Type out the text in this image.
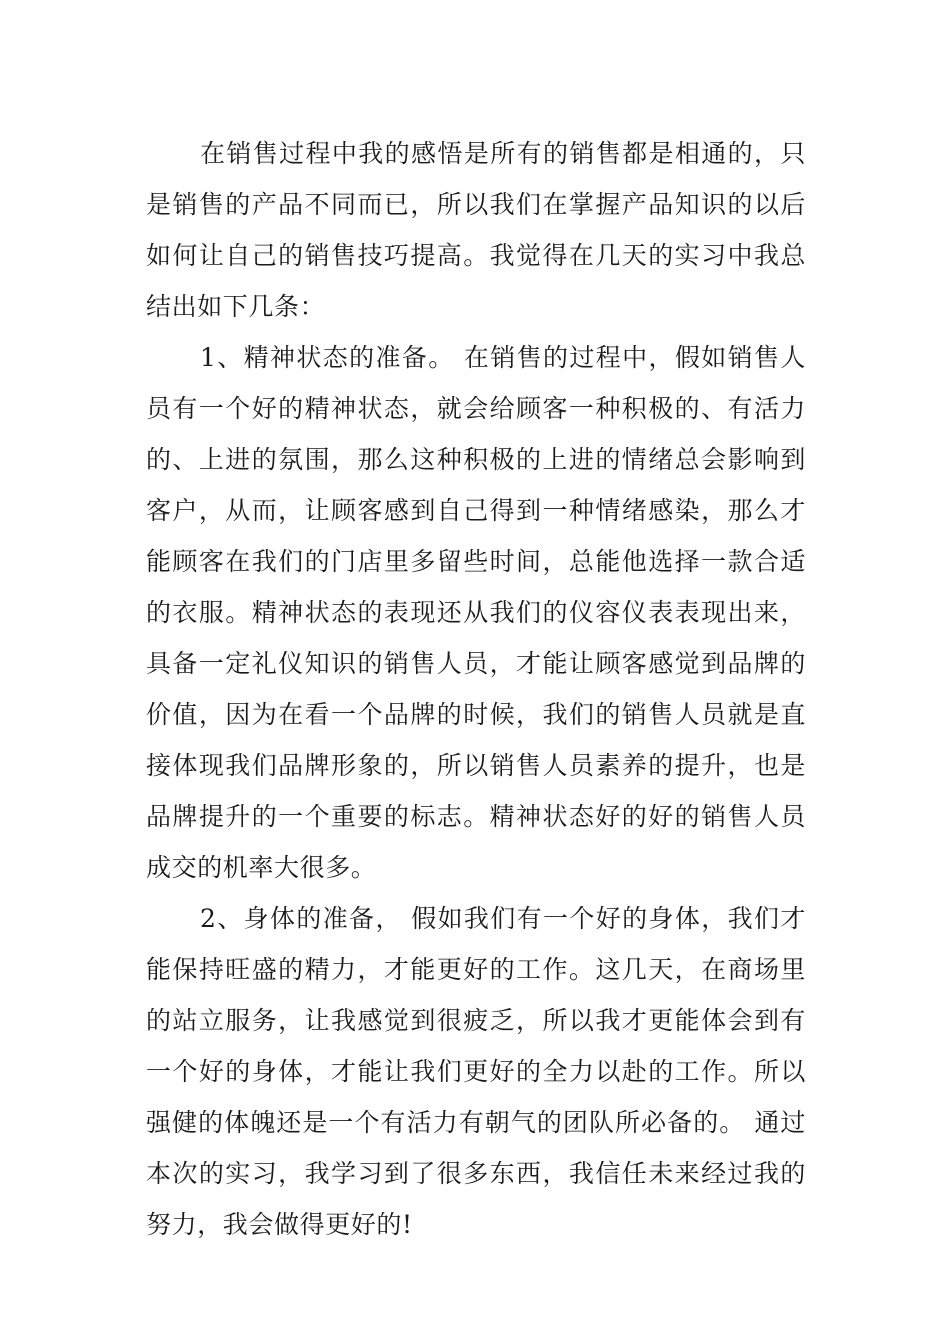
在销售过程中我的感悟是所有的销售都是相通的，只是销售的产品不同而已，所以我们在掌握产品知识的以后如何让自己的销售技巧提高。我觉得在几天的实习中我总结出如下几条：

1、精神状态的准备。 在销售的过程中，假如销售人员有一个好的精神状态，就会给顾客一种积极的、有活力的、上进的氛围，那么这种积极的上进的情绪总会影响到客户，从而，让顾客感到自己得到一种情绪感染，那么才能顾客在我们的门店里多留些时间，总能他选择一款合适的衣服。精神状态的表现还从我们的仪容仪表表现出来，具备一定礼仪知识的销售人员，才能让顾客感觉到品牌的价值，因为在看一个品牌的时候，我们的销售人员就是直接体现我们品牌形象的，所以销售人员素养的提升，也是品牌提升的一个重要的标志。精神状态好的好的销售人员成交的机率大很多。

2、身体的准备， 假如我们有一个好的身体，我们才能保持旺盛的精力，才能更好的工作。这几天，在商场里的站立服务，让我感觉到很疲乏，所以我才更能体会到有一个好的身体，才能让我们更好的全力以赴的工作。所以强健的体魄还是一个有活力有朝气的团队所必备的。 通过本次的实习，我学习到了很多东西，我信任未来经过我的努力，我会做得更好的!
